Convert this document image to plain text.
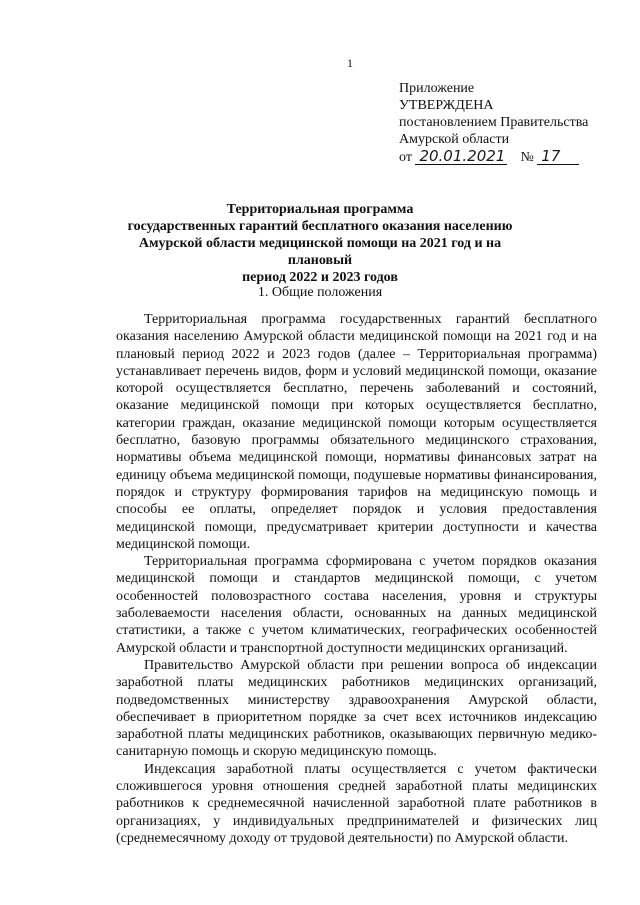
1
Приложение
УТВЕРЖДЕНА
постановлением Правительства
Амурской области
от 20.01.2021 № 17
Территориальная программа
государственных гарантий бесплатного оказания населению
Амурской области медицинской помощи на 2021 год и на плановый
период 2022 и 2023 годов
1. Общие положения

Территориальная программа государственных гарантий бесплатного оказания населению Амурской области медицинской помощи на 2021 год и на плановый период 2022 и 2023 годов (далее – Территориальная программа) устанавливает перечень видов, форм и условий медицинской помощи, оказание которой осуществляется бесплатно, перечень заболеваний и состояний, оказание медицинской помощи при которых осуществляется бесплатно, категории граждан, оказание медицинской помощи которым осуществляется бесплатно, базовую программы обязательного медицинского страхования, нормативы объема медицинской помощи, нормативы финансовых затрат на единицу объема медицинской помощи, подушевые нормативы финансирования, порядок и структуру формирования тарифов на медицинскую помощь и способы ее оплаты, определяет порядок и условия предоставления медицинской помощи, предусматривает критерии доступности и качества медицинской помощи.

Территориальная программа сформирована с учетом порядков оказания медицинской помощи и стандартов медицинской помощи, с учетом особенностей половозрастного состава населения, уровня и структуры заболеваемости населения области, основанных на данных медицинской статистики, а также с учетом климатических, географических особенностей Амурской области и транспортной доступности медицинских организаций.

Правительство Амурской области при решении вопроса об индексации заработной платы медицинских работников медицинских организаций, подведомственных министерству здравоохранения Амурской области, обеспечивает в приоритетном порядке за счет всех источников индексацию заработной платы медицинских работников, оказывающих первичную медико-санитарную помощь и скорую медицинскую помощь.

Индексация заработной платы осуществляется с учетом фактически сложившегося уровня отношения средней заработной платы медицинских работников к среднемесячной начисленной заработной плате работников в организациях, у индивидуальных предпринимателей и физических лиц (среднемесячному доходу от трудовой деятельности) по Амурской области.
